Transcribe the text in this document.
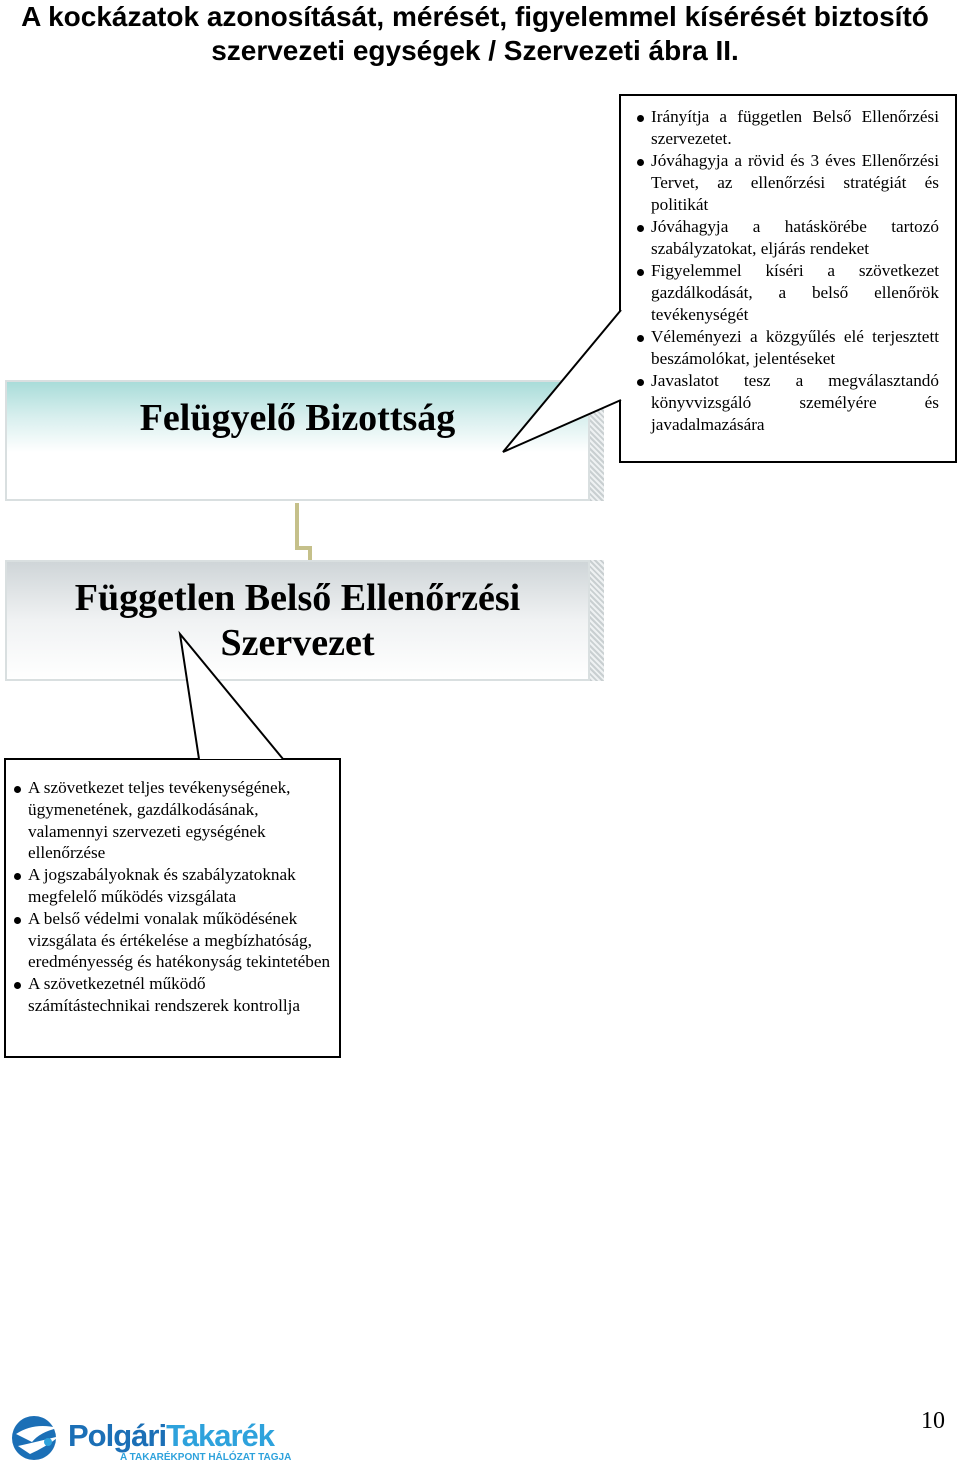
A kockázatok azonosítását, mérését, figyelemmel kísérését biztosító szervezeti egységek / Szervezeti ábra II.
Felügyelő Bizottság
Független Belső Ellenőrzési
Szervezet
Irányítja a független Belső Ellenőrzési szervezetet.
Jóváhagyja a rövid és 3 éves Ellenőrzési Tervet, az ellenőrzési stratégiát és politikát
Jóváhagyja a hatáskörébe tartozó szabályzatokat, eljárás rendeket
Figyelemmel kíséri a szövetkezet gazdálkodását, a belső ellenőrök tevékenységét
Véleményezi a közgyűlés elé terjesztett beszámolókat, jelentéseket
Javaslatot tesz a megválasztandó könyvvizsgáló személyére és javadalmazására
A szövetkezet teljes tevékenységének, ügymenetének, gazdálkodásának, valamennyi szervezeti egységének ellenőrzése
A jogszabályoknak és szabályzatoknak megfelelő működés vizsgálata
A belső védelmi vonalak működésének vizsgálata és értékelése a megbízhatóság, eredményesség és hatékonyság tekintetében
A szövetkezetnél működő számítástechnikai rendszerek kontrollja
PolgáriTakarék
A TAKARÉKPONT HÁLÓZAT TAGJA
10
